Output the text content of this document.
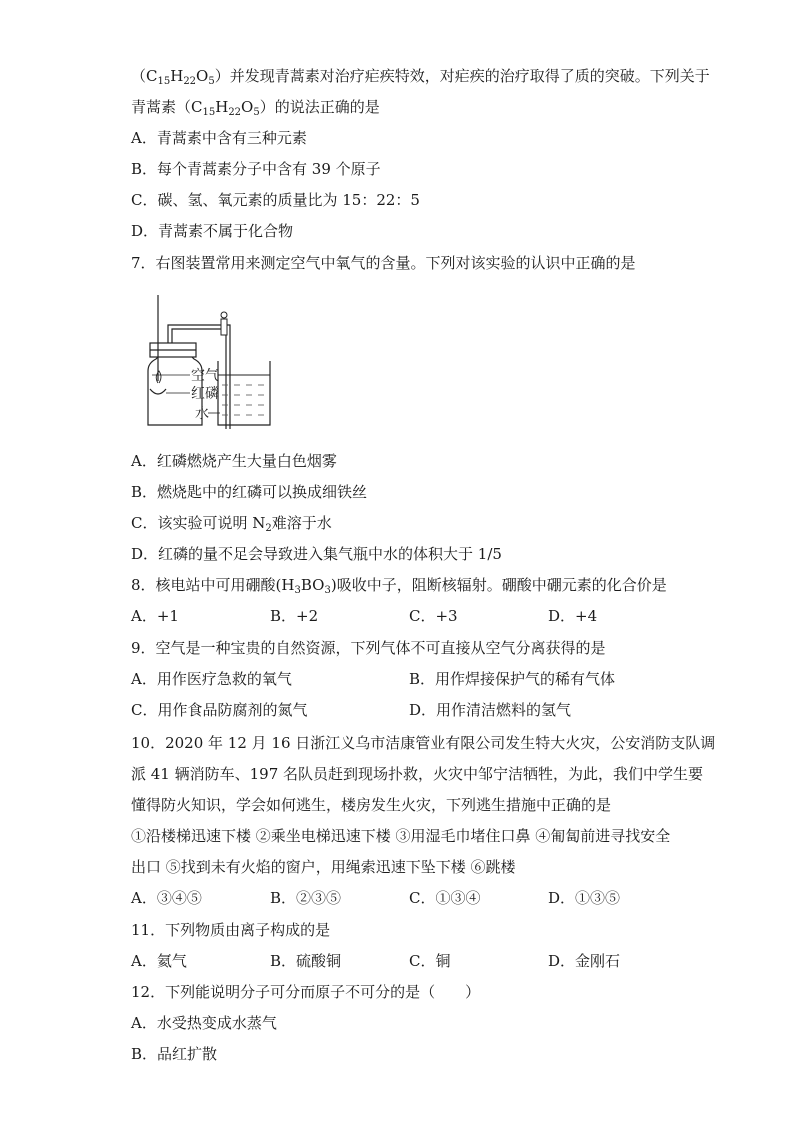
$(C_{15}H_{22}O_5)$并发现青蒿素对治疗疟疾特效，对疟疾的治疗取得了质的突破。下列关于
青蒿素$(C_{15}H_{22}O_5)$的说法正确的是
A．青蒿素中含有三种元素
B．每个青蒿素分子中含有 39 个原子
C．碳、氢、氧元素的质量比为 15：22：5
D．青蒿素不属于化合物
7．右图装置常用来测定空气中氧气的含量。下列对该实验的认识中正确的是
空气
红磷
水
A．红磷燃烧产生大量白色烟雾
B．燃烧匙中的红磷可以换成细铁丝
C．该实验可说明 $N_2$难溶于水
D．红磷的量不足会导致进入集气瓶中水的体积大于 1/5
8．核电站中可用硼酸$(H_3BO_3)$吸收中子，阻断核辐射。硼酸中硼元素的化合价是
A．+1	B．+2	C．+3	D．+4
9．空气是一种宝贵的自然资源，下列气体不可直接从空气分离获得的是
A．用作医疗急救的氧气	B．用作焊接保护气的稀有气体
C．用作食品防腐剂的氮气	D．用作清洁燃料的氢气
10．2020 年 12 月 16 日浙江义乌市洁康管业有限公司发生特大火灾，公安消防支队调
派 41 辆消防车、197 名队员赶到现场扑救，火灾中邹宁洁牺牲，为此，我们中学生要
懂得防火知识，学会如何逃生，楼房发生火灾，下列逃生措施中正确的是
①沿楼梯迅速下楼 ②乘坐电梯迅速下楼 ③用湿毛巾堵住口鼻 ④匍匐前进寻找安全
出口 ⑤找到未有火焰的窗户，用绳索迅速下坠下楼 ⑥跳楼
A．③④⑤	B．②③⑤	C．①③④	D．①③⑤
11．下列物质由离子构成的是
A．氦气	B．硫酸铜	C．铜	D．金刚石
12．下列能说明分子可分而原子不可分的是（　　）
A．水受热变成水蒸气
B．品红扩散
